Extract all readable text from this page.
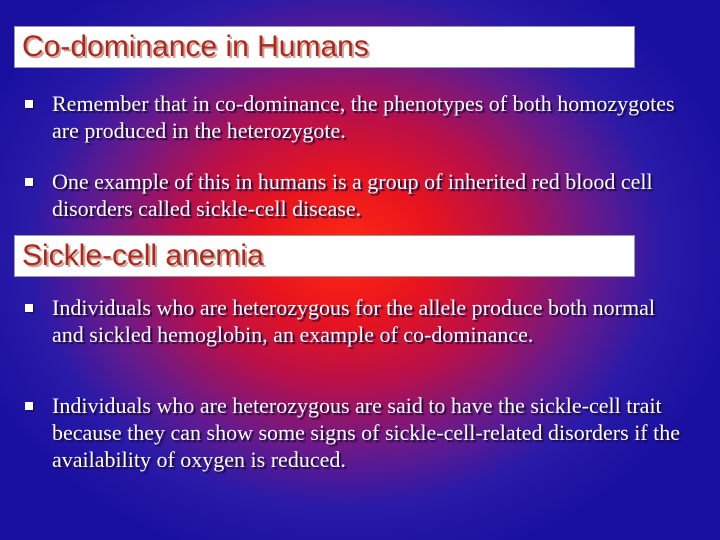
Co-dominance in Humans
Remember that in co-dominance, the phenotypes of both homozygotes are produced in the heterozygote.
One example of this in humans is a group of inherited red blood cell disorders called sickle-cell disease.
Sickle-cell anemia
Individuals who are heterozygous for the allele produce both normal and sickled hemoglobin, an example of co-dominance.
Individuals who are heterozygous are said to have the sickle-cell trait because they can show some signs of sickle-cell-related disorders if the availability of oxygen is reduced.
